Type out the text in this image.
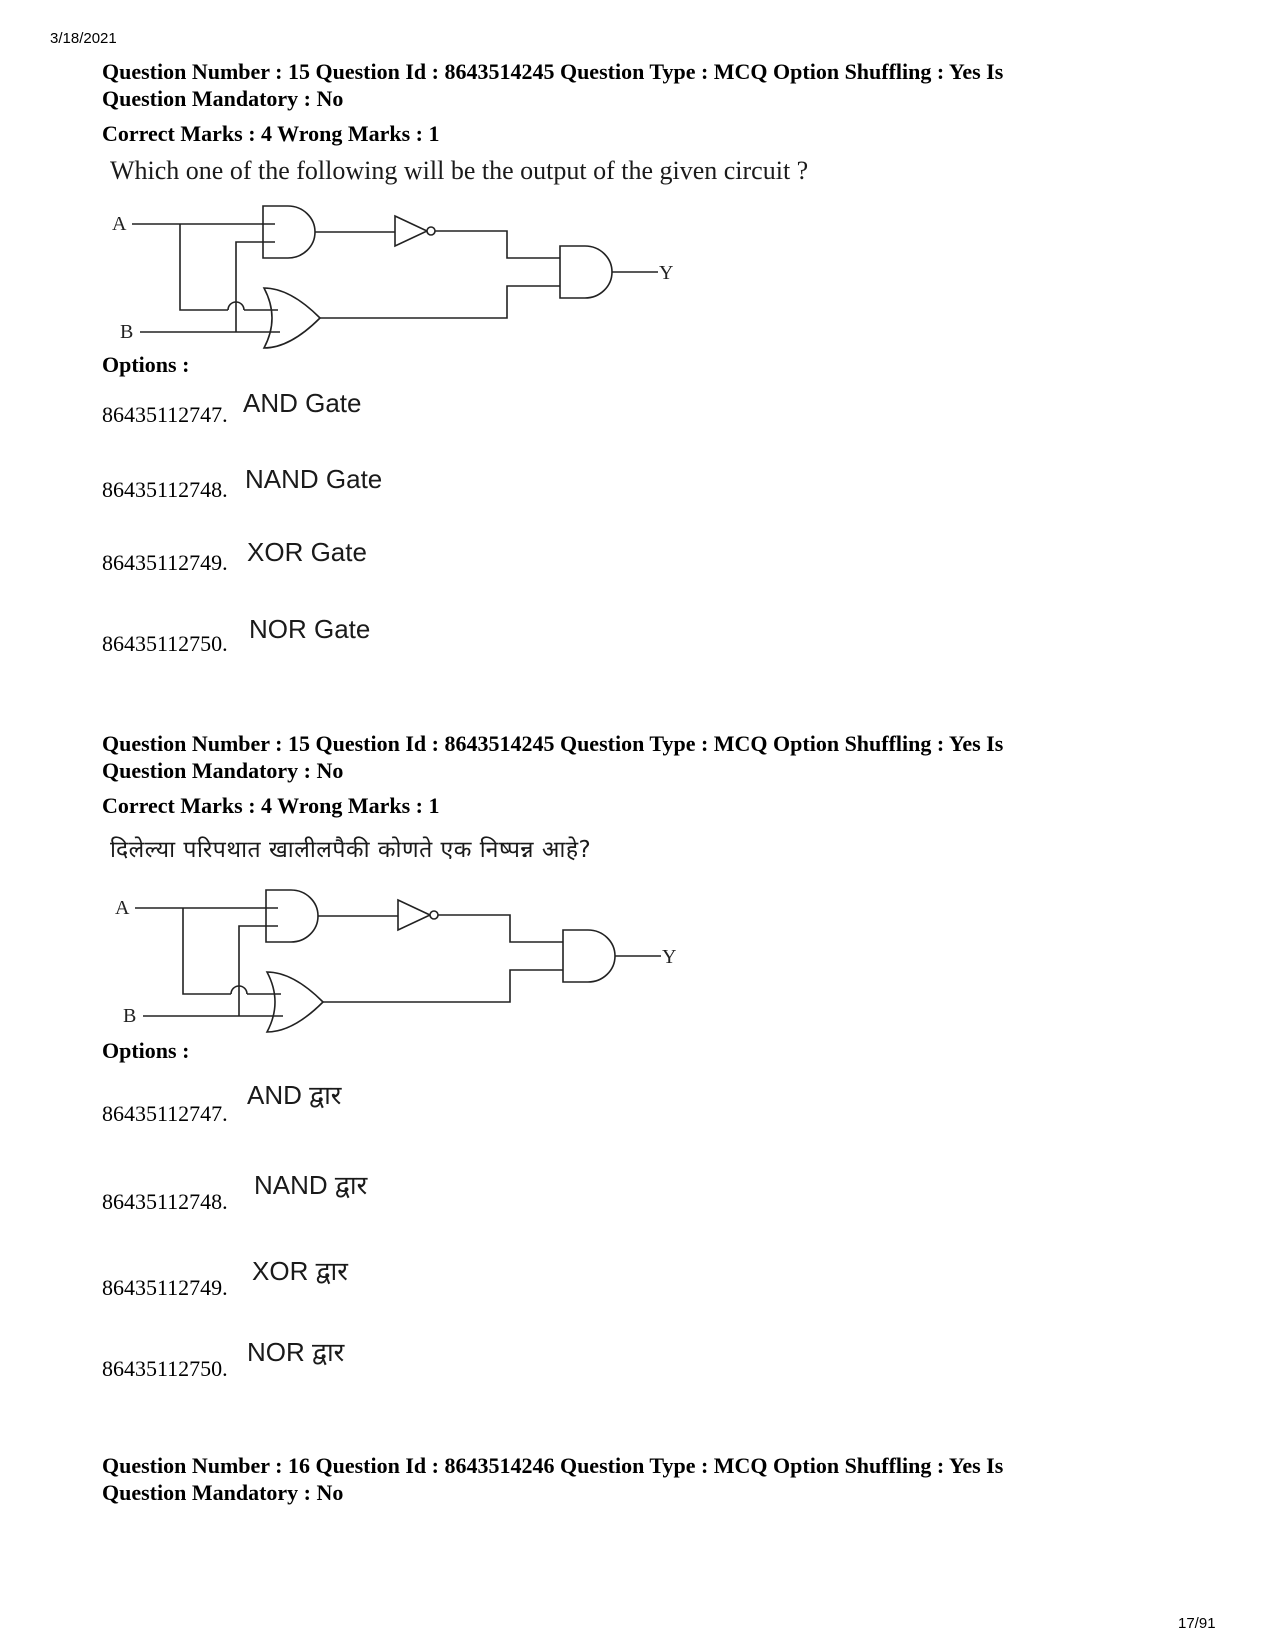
3/18/2021
Question Number : 15 Question Id : 8643514245 Question Type : MCQ Option Shuffling : Yes Is
Question Mandatory : No
Correct Marks : 4 Wrong Marks : 1
Which one of the following will be the output of the given circuit ?
A
B
Y
Options :
86435112747. AND Gate
86435112748. NAND Gate
86435112749. XOR Gate
86435112750. NOR Gate
Question Number : 15 Question Id : 8643514245 Question Type : MCQ Option Shuffling : Yes Is
Question Mandatory : No
Correct Marks : 4 Wrong Marks : 1
दिलेल्या परिपथात खालीलपैकी कोणते एक निष्पन्न आहे?
A
B
Y
Options :
86435112747.
AND द्वार
86435112748.
NAND द्वार
86435112749.
XOR द्वार
86435112750.
NOR द्वार
Question Number : 16 Question Id : 8643514246 Question Type : MCQ Option Shuffling : Yes Is
Question Mandatory : No
17/91
